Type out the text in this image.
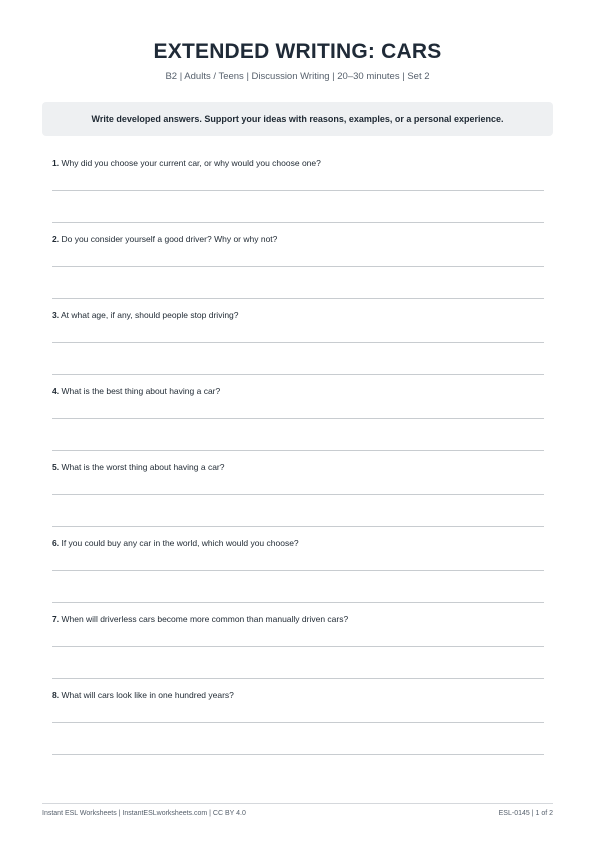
EXTENDED WRITING: CARS
B2 | Adults / Teens | Discussion Writing | 20–30 minutes | Set 2
Write developed answers. Support your ideas with reasons, examples, or a personal experience.
1. Why did you choose your current car, or why would you choose one?
2. Do you consider yourself a good driver? Why or why not?
3. At what age, if any, should people stop driving?
4. What is the best thing about having a car?
5. What is the worst thing about having a car?
6. If you could buy any car in the world, which would you choose?
7. When will driverless cars become more common than manually driven cars?
8. What will cars look like in one hundred years?
Instant ESL Worksheets | InstantESLworksheets.com | CC BY 4.0	ESL-0145 | 1 of 2
